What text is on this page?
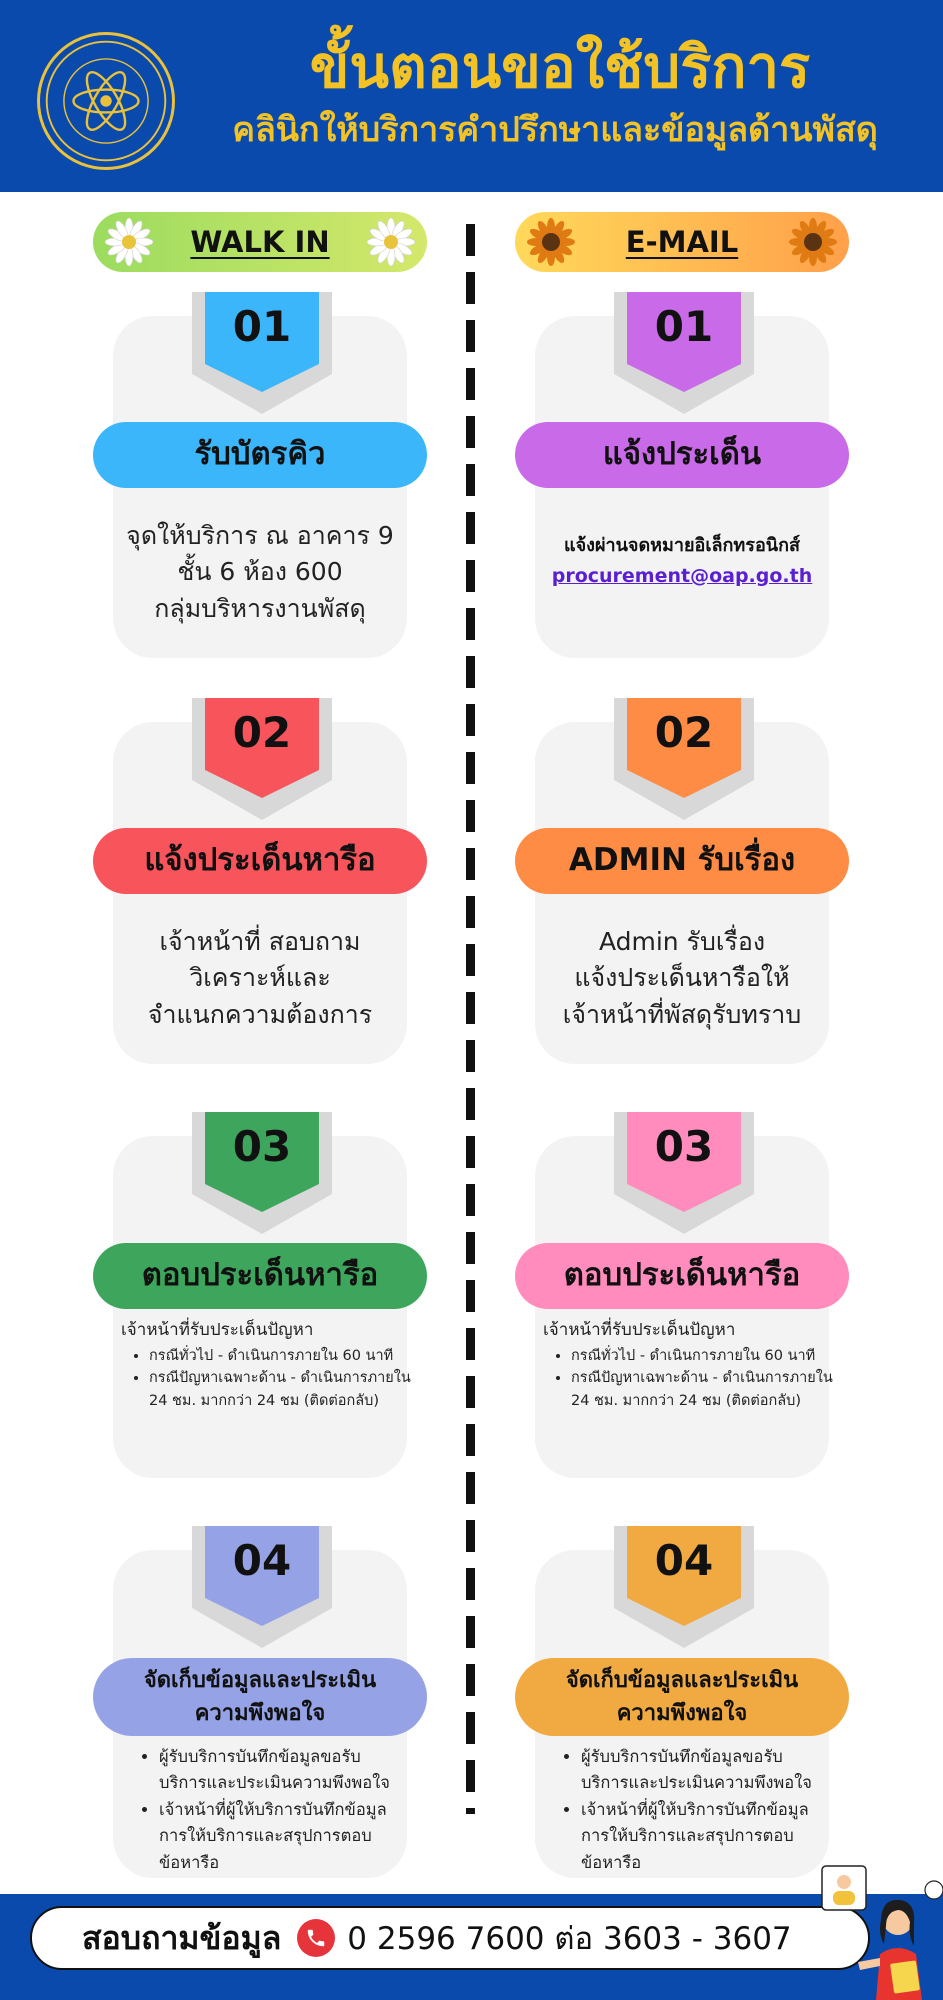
ขั้นตอนขอใช้บริการ
คลินิกให้บริการคำปรึกษาและข้อมูลด้านพัสดุ
WALK IN	E-MAIL
01
รับบัตรคิว
จุดให้บริการ ณ อาคาร 9
ชั้น 6 ห้อง 600
กลุ่มบริหารงานพัสดุ
01
แจ้งประเด็น
แจ้งผ่านจดหมายอิเล็กทรอนิกส์
procurement@oap.go.th
02
แจ้งประเด็นหารือ
เจ้าหน้าที่ สอบถาม
วิเคราะห์และ
จำแนกความต้องการ
02
ADMIN รับเรื่อง
Admin รับเรื่อง
แจ้งประเด็นหารือให้
เจ้าหน้าที่พัสดุรับทราบ
03
ตอบประเด็นหารือ
เจ้าหน้าที่รับประเด็นปัญหา
• กรณีทั่วไป - ดำเนินการภายใน 60 นาที
• กรณีปัญหาเฉพาะด้าน - ดำเนินการภายใน 24 ชม. มากกว่า 24 ชม (ติดต่อกลับ)
03
ตอบประเด็นหารือ
เจ้าหน้าที่รับประเด็นปัญหา
• กรณีทั่วไป - ดำเนินการภายใน 60 นาที
• กรณีปัญหาเฉพาะด้าน - ดำเนินการภายใน 24 ชม. มากกว่า 24 ชม (ติดต่อกลับ)
04
จัดเก็บข้อมูลและประเมิน
ความพึงพอใจ
• ผู้รับบริการบันทึกข้อมูลขอรับบริการและประเมินความพึงพอใจ
• เจ้าหน้าที่ผู้ให้บริการบันทึกข้อมูลการให้บริการและสรุปการตอบข้อหารือ
04
จัดเก็บข้อมูลและประเมิน
ความพึงพอใจ
• ผู้รับบริการบันทึกข้อมูลขอรับบริการและประเมินความพึงพอใจ
• เจ้าหน้าที่ผู้ให้บริการบันทึกข้อมูลการให้บริการและสรุปการตอบข้อหารือ
สอบถามข้อมูล 0 2596 7600 ต่อ 3603 - 3607
